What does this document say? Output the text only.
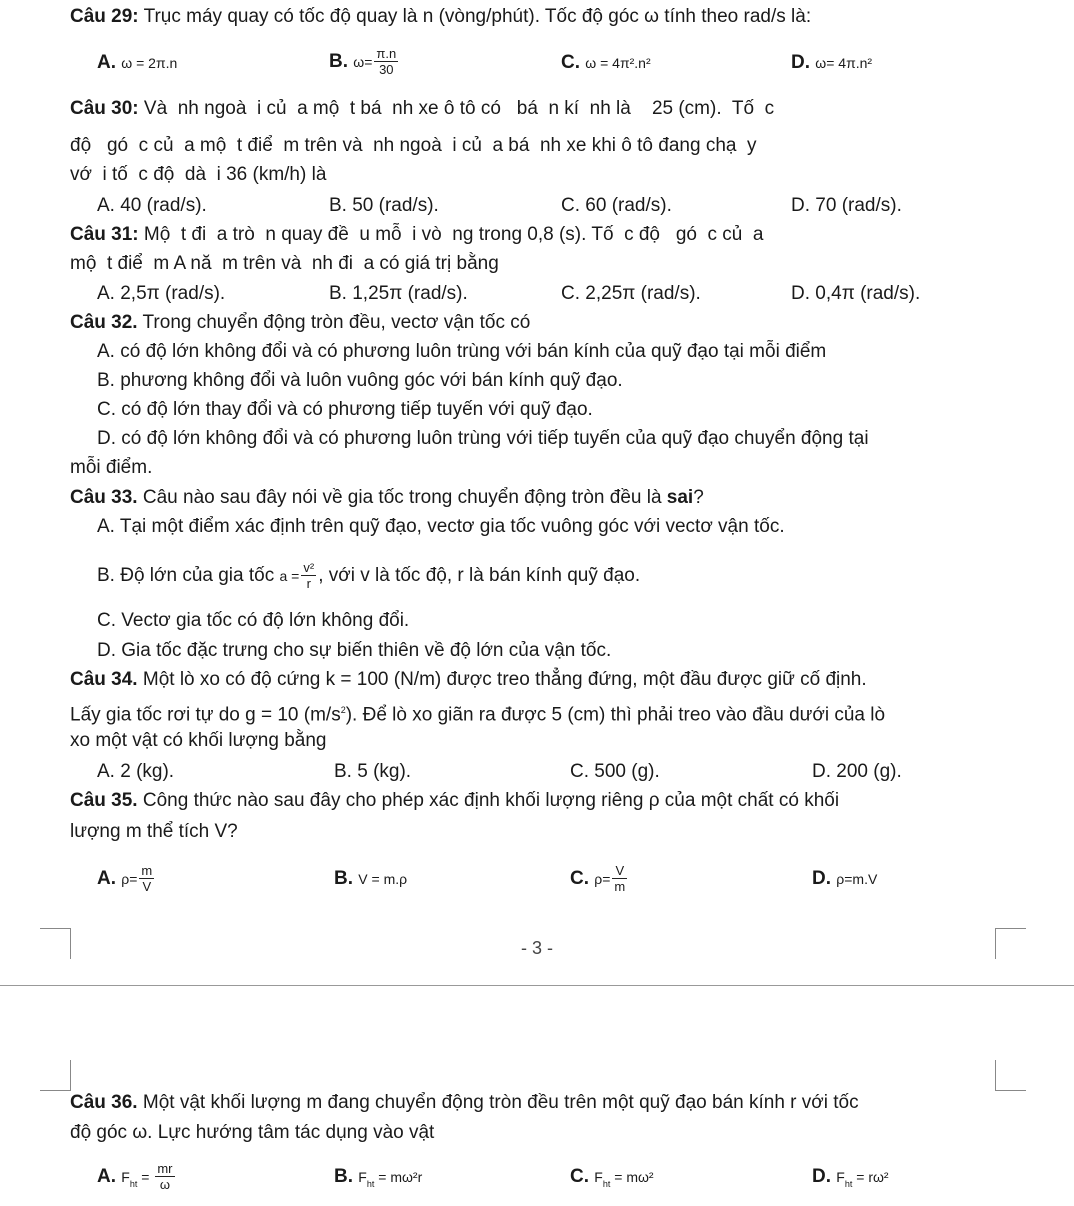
Câu 29: Trục máy quay có tốc độ quay là n (vòng/phút). Tốc độ góc ω tính theo rad/s là:
A. ω = 2π.n	B. $\omega= \frac{\pi.n}{30}$	C. ω = 4π².n²	D. ω= 4π.n²
Câu 30: Và  nh ngoà  i củ  a mộ  t bá  nh xe ô tô có   bá  n kí  nh là    25 (cm).  Tố  c
độ   gó  c củ  a mộ  t điể  m trên và  nh ngoà  i củ  a bá  nh xe khi ô tô đang chạ  y
vớ  i tố  c độ  dà  i 36 (km/h) là
A. 40 (rad/s).	B. 50 (rad/s).	C. 60 (rad/s).	D. 70 (rad/s).
Câu 31: Mộ  t đi  a trò  n quay đề  u mỗ  i vò  ng trong 0,8 (s). Tố  c độ   gó  c củ  a
mộ  t điể  m A nă  m trên và  nh đi  a có giá trị bằng
A. 2,5π (rad/s).	B. 1,25π (rad/s).	C. 2,25π (rad/s).	D. 0,4π (rad/s).
Câu 32. Trong chuyển động tròn đều, vectơ vận tốc có
A. có độ lớn không đổi và có phương luôn trùng với bán kính của quỹ đạo tại mỗi điểm
B. phương không đổi và luôn vuông góc với bán kính quỹ đạo.
C. có độ lớn thay đổi và có phương tiếp tuyến với quỹ đạo.
D. có độ lớn không đổi và có phương luôn trùng với tiếp tuyến của quỹ đạo chuyển động tại
mỗi điểm.
Câu 33. Câu nào sau đây nói về gia tốc trong chuyển động tròn đều là sai?
A. Tại một điểm xác định trên quỹ đạo, vectơ gia tốc vuông góc với vectơ vận tốc.
B. Độ lớn của gia tốc $a = \frac{\text{v²}}{r}$ , với v là tốc độ, r là bán kính quỹ đạo.
C. Vectơ gia tốc có độ lớn không đổi.
D. Gia tốc đặc trưng cho sự biến thiên về độ lớn của vận tốc.
Câu 34. Một lò xo có độ cứng k = 100 (N/m) được treo thẳng đứng, một đầu được giữ cố định.
Lấy gia tốc rơi tự do g = 10 $(m/s^2)$. Để lò xo giãn ra được 5 (cm) thì phải treo vào đầu dưới của lò
xo một vật có khối lượng bằng
A. 2 (kg).	B. 5 (kg).	C. 500 (g).	D. 200 (g).
Câu 35. Công thức nào sau đây cho phép xác định khối lượng riêng ρ của một chất có khối
lượng m thể tích V?
A. $\rho= \frac{m}{V}$	B. V = m.ρ	C. $\rho= \frac{V}{m}$	D. ρ=m.V
- 3 -
Câu 36. Một vật khối lượng m đang chuyển động tròn đều trên một quỹ đạo bán kính r với tốc
độ góc ω. Lực hướng tâm tác dụng vào vật
A. $F_{ht} = \frac{mr}{\omega}$	B. $F_{ht} = m\omega^2r$	C. $F_{ht} = m\omega^2$	D. $F_{ht} = r\omega^2$
